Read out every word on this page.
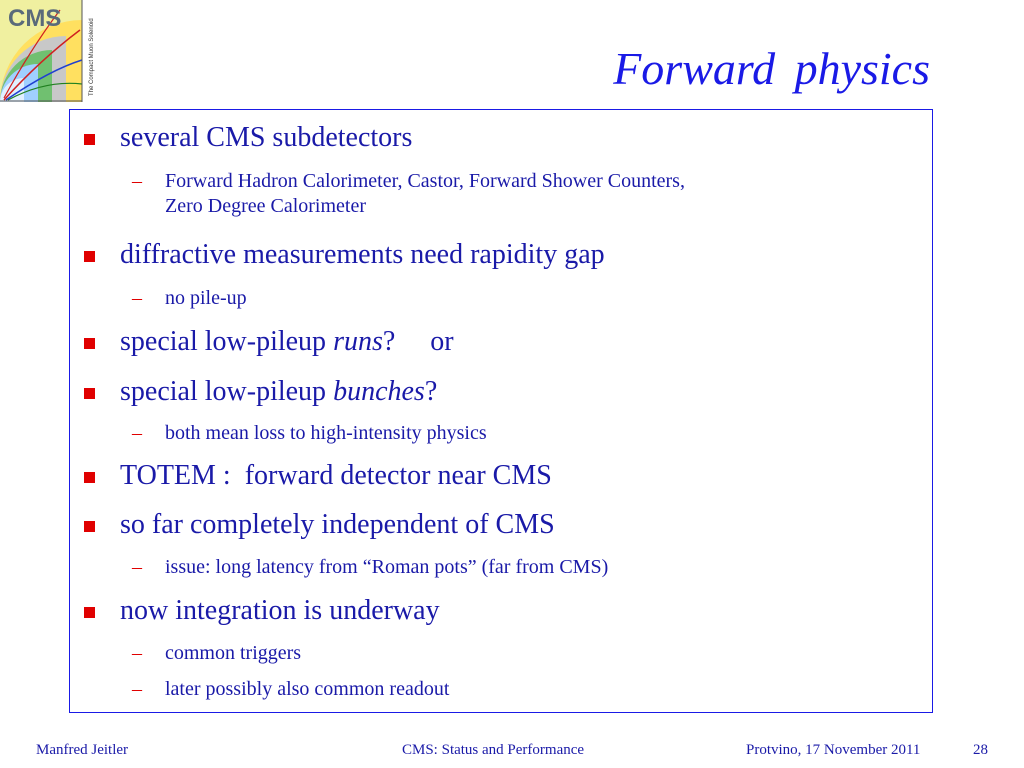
CMS	The Compact Muon Solenoid	Forward physics
several CMS subdetectors
– Forward Hadron Calorimeter, Castor, Forward Shower Counters,
Zero Degree Calorimeter
diffractive measurements need rapidity gap
– no pile-up
special low-pileup runs?     or
special low-pileup bunches?
– both mean loss to high-intensity physics
TOTEM :  forward detector near CMS
so far completely independent of CMS
– issue: long latency from “Roman pots” (far from CMS)
now integration is underway
– common triggers
– later possibly also common readout
Manfred Jeitler	CMS: Status and Performance	Protvino, 17 November 2011	28
